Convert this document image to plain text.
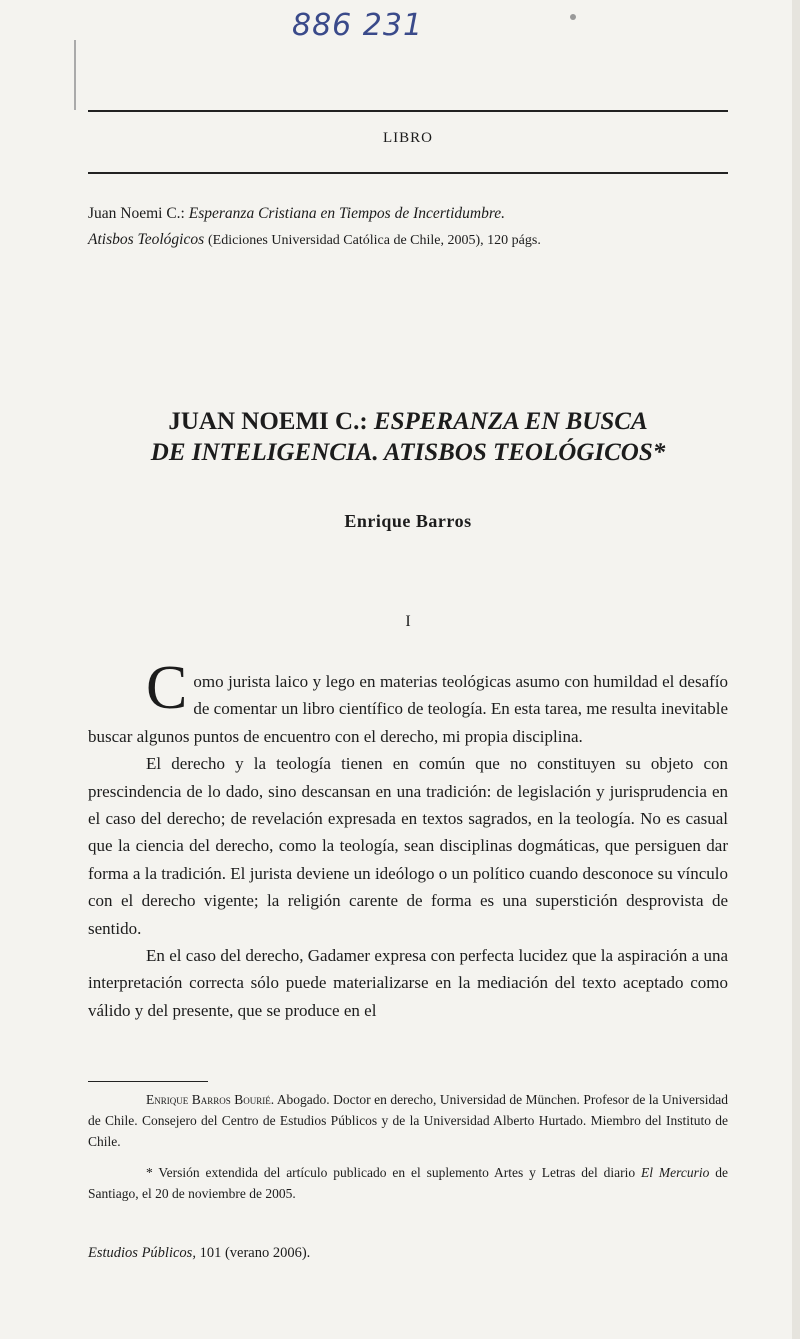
886 231
LIBRO
Juan Noemi C.: Esperanza Cristiana en Tiempos de Incertidumbre.
Atisbos Teológicos (Ediciones Universidad Católica de Chile, 2005), 120 págs.
JUAN NOEMI C.: ESPERANZA EN BUSCA
DE INTELIGENCIA. ATISBOS TEOLÓGICOS*
Enrique Barros
I

Como jurista laico y lego en materias teológicas asumo con humildad el desafío de comentar un libro científico de teología. En esta tarea, me resulta inevitable buscar algunos puntos de encuentro con el derecho, mi propia disciplina.

El derecho y la teología tienen en común que no constituyen su objeto con prescindencia de lo dado, sino descansan en una tradición: de legislación y jurisprudencia en el caso del derecho; de revelación expresada en textos sagrados, en la teología. No es casual que la ciencia del derecho, como la teología, sean disciplinas dogmáticas, que persiguen dar forma a la tradición. El jurista deviene un ideólogo o un político cuando desconoce su vínculo con el derecho vigente; la religión carente de forma es una superstición desprovista de sentido.

En el caso del derecho, Gadamer expresa con perfecta lucidez que la aspiración a una interpretación correcta sólo puede materializarse en la mediación del texto aceptado como válido y del presente, que se produce en el

Enrique Barros Bourié. Abogado. Doctor en derecho, Universidad de München. Profesor de la Universidad de Chile. Consejero del Centro de Estudios Públicos y de la Universidad Alberto Hurtado. Miembro del Instituto de Chile.

* Versión extendida del artículo publicado en el suplemento Artes y Letras del diario El Mercurio de Santiago, el 20 de noviembre de 2005.

Estudios Públicos, 101 (verano 2006).
